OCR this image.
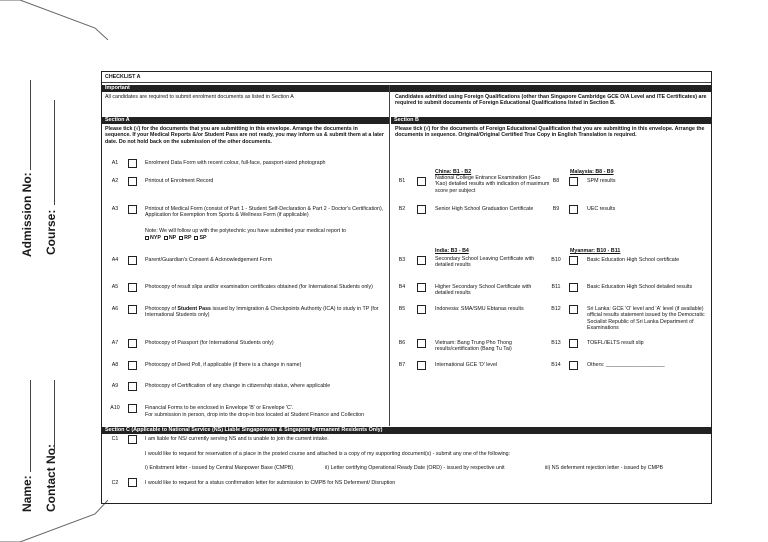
Admission No: Course:
Name: Contact No:
CHECKLIST A
Important
All candidates are required to submit enrolment documents as listed in Section A	Candidates admitted using Foreign Qualifications (other than Singapore Cambridge GCE O/A Level and ITE Certificates) are required to submit documents of Foreign Educational Qualifications listed in Section B.
Section A	Section B
Please tick (√) for the documents that you are submitting in this envelope. Arrange the documents in sequence. If your Medical Reports &/or Student Pass are not ready, you may inform us & submit them at a later date. Do not hold back on the submission of the other documents.
Please tick (√) for the documents of Foreign Educational Qualification that you are submitting in this envelope. Arrange the documents in sequence. Original/Original Certified True Copy in English Translation is required.
A1	Enrolment Data Form with recent colour, full-face, passport-sized photograph
A2	Printout of Enrolment Record
A3	Printout of Medical Form (consist of Part 1 - Student Self-Declaration & Part 2 - Doctor's Certification), Application for Exemption from Sports & Wellness Form (if applicable)
Note: We will follow up with the polytechnic you have submitted your medical report to
NYP NP RP SP
A4	Parent/Guardian's Consent & Acknowledgement Form
A5	Photocopy of result slips and/or examination certificates obtained (for International Students only)
A6	Photocopy of Student Pass issued by Immigration & Checkpoints Authority (ICA) to study in TP (for International Students only)
A7	Photocopy of Passport (for International Students only)
A8	Photocopy of Deed Poll, if applicable (if there is a change in name)
A9	Photocopy of Certification of any change in citizenship status, where applicable
A10	Financial Forms to be enclosed in Envelope 'B' or Envelope 'C'.
For submission in person, drop into the drop-in box located at Student Finance and Collection
China: B1 - B2	Malaysia: B8 - B9
India: B3 - B4	Myanmar: B10 - B11
B1	National College Entrance Examination (Gao 'Kao) detailed results with indication of maximum score per subject
B2	Senior High School Graduation Certificate
B3	Secondary School Leaving Certificate with detailed results
B4	Higher Secondary School Certificate with detailed results
B5	Indonesia: SMA/SMU Ebtanas results
B6	Vietnam: Bang Trung Pho Thong results/certification (Bang Tu Tai)
B7	International GCE 'O' level
B8	SPM results
B9	UEC results
B10	Basic Education High School certificate
B11	Basic Education High School detailed results
B12	Sri Lanka: GCE 'O' level and 'A' level (if available) official results statement issued by the Democratic Socialist Republic of Sri Lanka Department of Examinations
B13	TOEFL/IELTS result slip
B14	Others: ____________________
Section C (Applicable to National Service (NS) Liable Singaporeans & Singapore Permanent Residents Only)
C1	I am liable for NS/ currently serving NS and is unable to join the current intake.
I would like to request for reservation of a place in the posted course and attached is a copy of my supporting document(s) - submit any one of the following:
i) Enlistment letter - issued by Central Manpower Base (CMPB)	ii) Letter certifying Operational Ready Date (ORD) - issued by respective unit	iii) NS deferment rejection letter - issued by CMPB
C2	I would like to request for a status confirmation letter for submission to CMPB for NS Deferment/ Disruption
